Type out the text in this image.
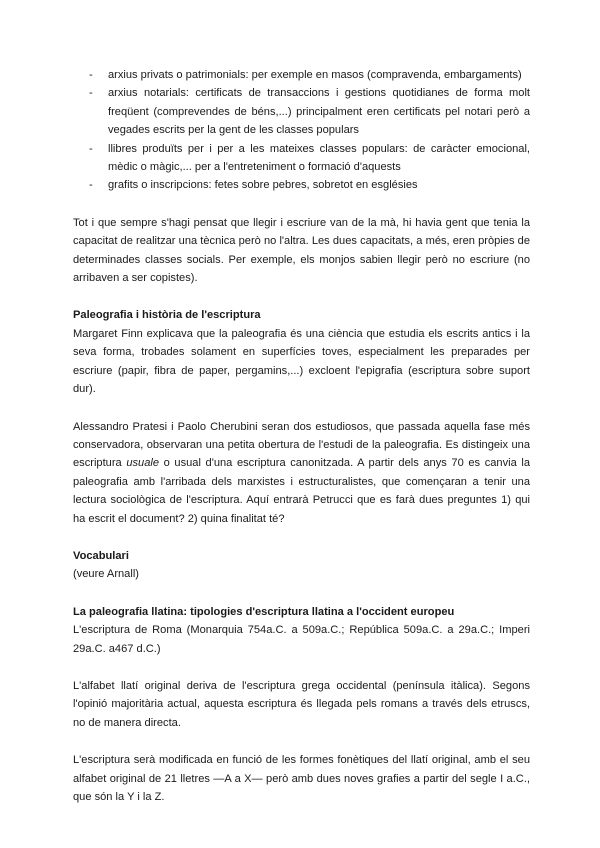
- arxius privats o patrimonials: per exemple en masos (compravenda, embargaments)
- arxius notarials: certificats de transaccions i gestions quotidianes de forma molt freqüent (comprevendes de béns,...) principalment eren certificats pel notari però a vegades escrits per la gent de les classes populars
- llibres produïts per i per a les mateixes classes populars: de caràcter emocional, mèdic o màgic,... per a l'entreteniment o formació d'aquests
- grafits o inscripcions: fetes sobre pebres, sobretot en esglésies

Tot i que sempre s'hagi pensat que llegir i escriure van de la mà, hi havia gent que tenia la capacitat de realitzar una tècnica però no l'altra. Les dues capacitats, a més, eren pròpies de determinades classes socials. Per exemple, els monjos sabien llegir però no escriure (no arribaven a ser copistes).

Paleografia i història de l'escriptura

Margaret Finn explicava que la paleografia és una ciència que estudia els escrits antics i la seva forma, trobades solament en superfícies toves, especialment les preparades per escriure (papir, fibra de paper, pergamins,...) excloent l'epigrafia (escriptura sobre suport dur).

Alessandro Pratesi i Paolo Cherubini seran dos estudiosos, que passada aquella fase més conservadora, observaran una petita obertura de l'estudi de la paleografia. Es distingeix una escriptura usuale o usual d'una escriptura canonitzada. A partir dels anys 70 es canvia la paleografia amb l'arribada dels marxistes i estructuralistes, que començaran a tenir una lectura sociològica de l'escriptura. Aquí entrarà Petrucci que es farà dues preguntes 1) qui ha escrit el document? 2) quina finalitat té?

Vocabulari

(veure Arnall)

La paleografia llatina: tipologies d'escriptura llatina a l'occident europeu

L'escriptura de Roma (Monarquia 754a.C. a 509a.C.; República 509a.C. a 29a.C.; Imperi 29a.C. a467 d.C.)

L'alfabet llatí original deriva de l'escriptura grega occidental (península itàlica). Segons l'opinió majoritària actual, aquesta escriptura és llegada pels romans a través dels etruscs, no de manera directa.

L'escriptura serà modificada en funció de les formes fonètiques del llatí original, amb el seu alfabet original de 21 lletres —A a X— però amb dues noves grafies a partir del segle I a.C., que són la Y i la Z.
